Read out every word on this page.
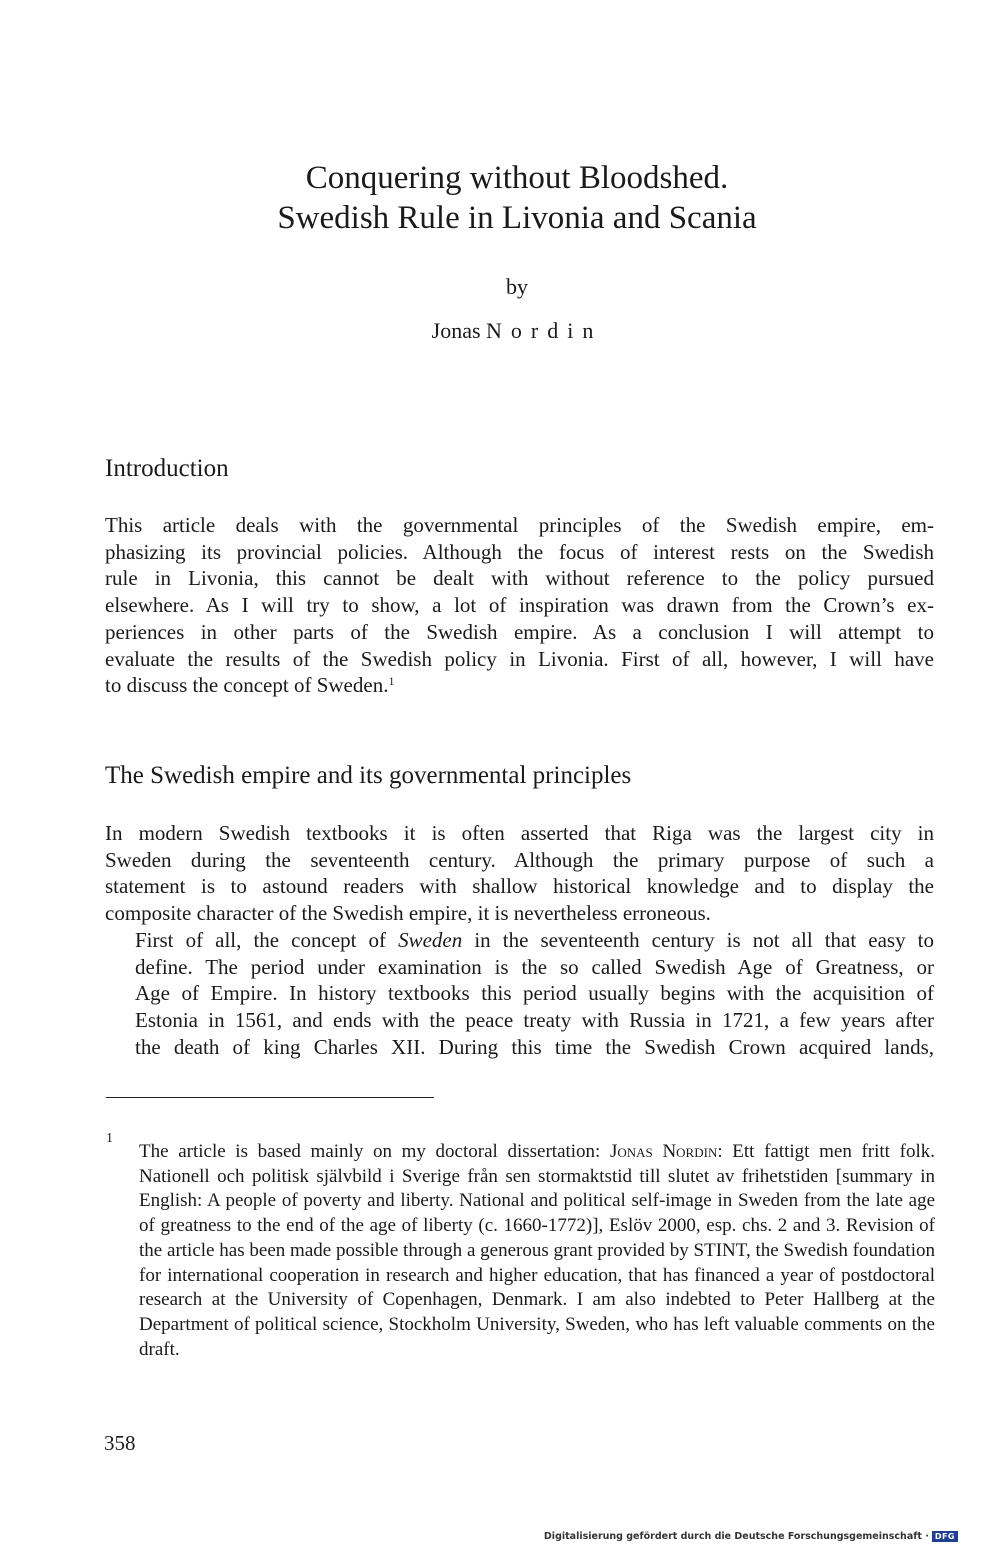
Conquering without Bloodshed.
Swedish Rule in Livonia and Scania
by
Jonas Nordin
Introduction

This article deals with the governmental principles of the Swedish empire, em-
phasizing its provincial policies. Although the focus of interest rests on the Swedish
rule in Livonia, this cannot be dealt with without reference to the policy pursued
elsewhere. As I will try to show, a lot of inspiration was drawn from the Crown’s ex-
periences in other parts of the Swedish empire. As a conclusion I will attempt to
evaluate the results of the Swedish policy in Livonia. First of all, however, I will have
to discuss the concept of Sweden.$^1$

The Swedish empire and its governmental principles

In modern Swedish textbooks it is often asserted that Riga was the largest city in
Sweden during the seventeenth century. Although the primary purpose of such a
statement is to astound readers with shallow historical knowledge and to display the
composite character of the Swedish empire, it is nevertheless erroneous.

First of all, the concept of Sweden in the seventeenth century is not all that easy to
define. The period under examination is the so called Swedish Age of Greatness, or
Age of Empire. In history textbooks this period usually begins with the acquisition of
Estonia in 1561, and ends with the peace treaty with Russia in 1721, a few years after
the death of king Charles XII. During this time the Swedish Crown acquired lands,

1

The article is based mainly on my doctoral dissertation: Jonas Nordin: Ett fattigt men fritt folk. Nationell och politisk självbild i Sverige från sen stormaktstid till slutet av frihetstiden [summary in English: A people of poverty and liberty. National and political self-image in Sweden from the late age of greatness to the end of the age of liberty (c. 1660-1772)], Eslöv 2000, esp. chs. 2 and 3. Revision of the article has been made possible through a generous grant provided by STINT, the Swedish foundation for international cooperation in research and higher education, that has financed a year of postdoctoral research at the University of Copenhagen, Denmark. I am also indebted to Peter Hallberg at the Department of political science, Stockholm University, Sweden, who has left valuable comments on the draft.

358
Digitalisierung gefördert durch die Deutsche Forschungsgemeinschaft · DFG
